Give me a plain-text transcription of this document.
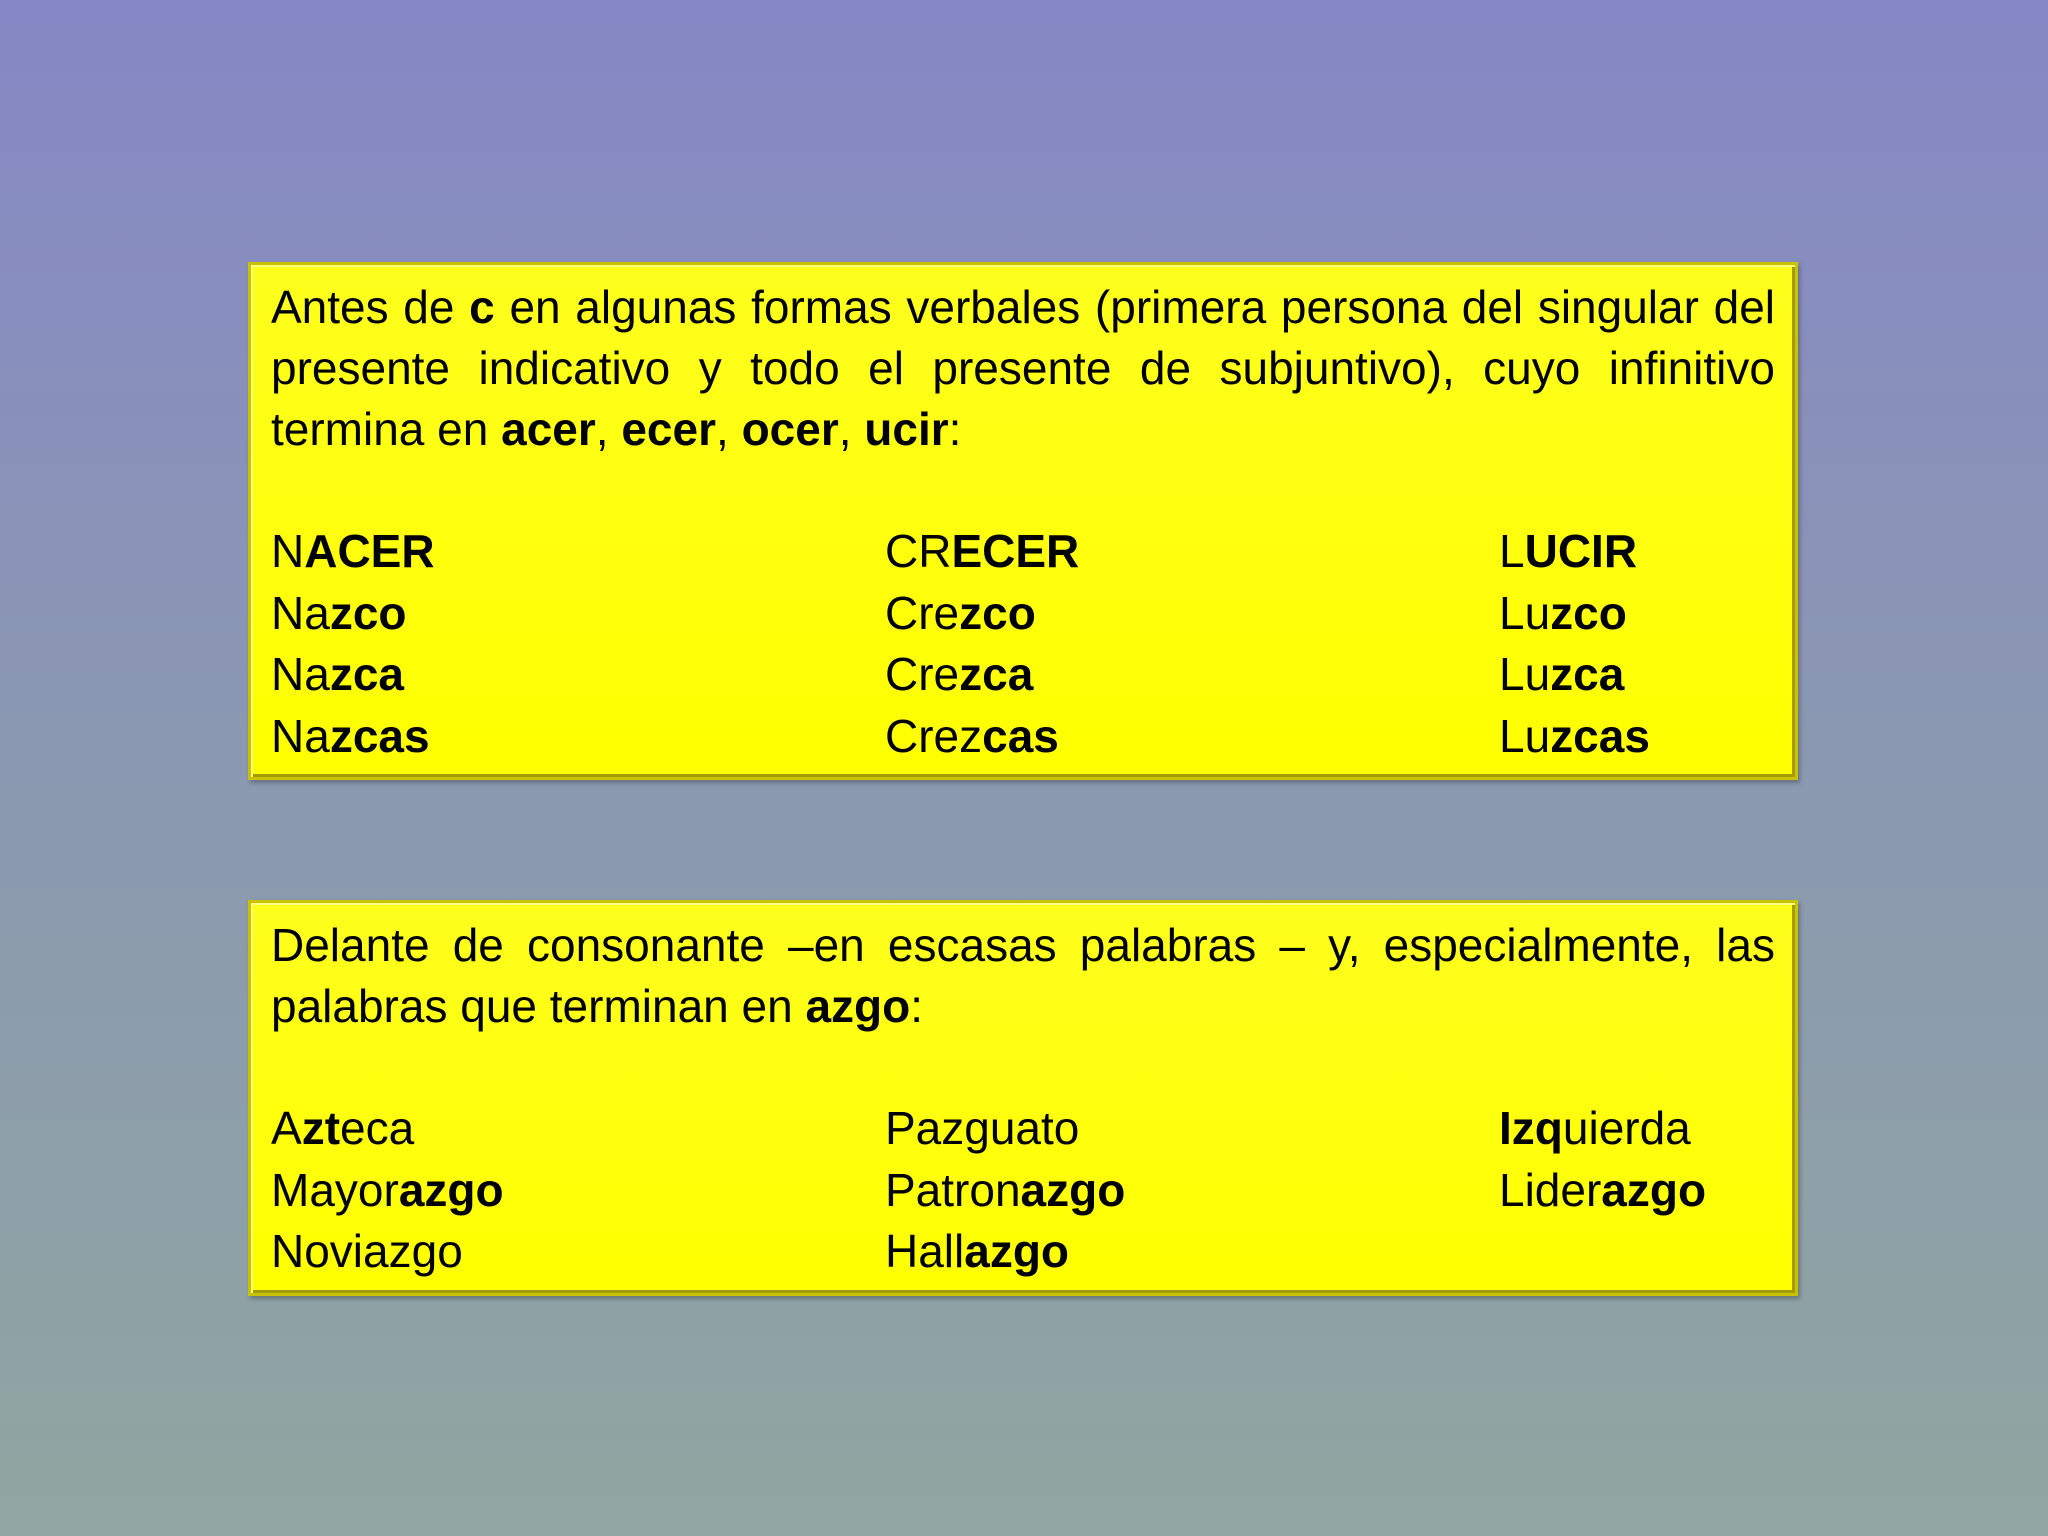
Antes de c en algunas formas verbales (primera persona del singular del presente indicativo y todo el presente de subjuntivo), cuyo infinitivo termina en acer, ecer, ocer, ucir:

NACER	CRECER	LUCIR
Nazco	Crezco	Luzco
Nazca	Crezca	Luzca
Nazcas	Crezcas	Luzcas

Delante de consonante –en escasas palabras – y, especialmente, las palabras que terminan en azgo:

Azteca	Pazguato	Izquierda
Mayorazgo	Patronazgo	Liderazgo
Noviazgo	Hallazgo
